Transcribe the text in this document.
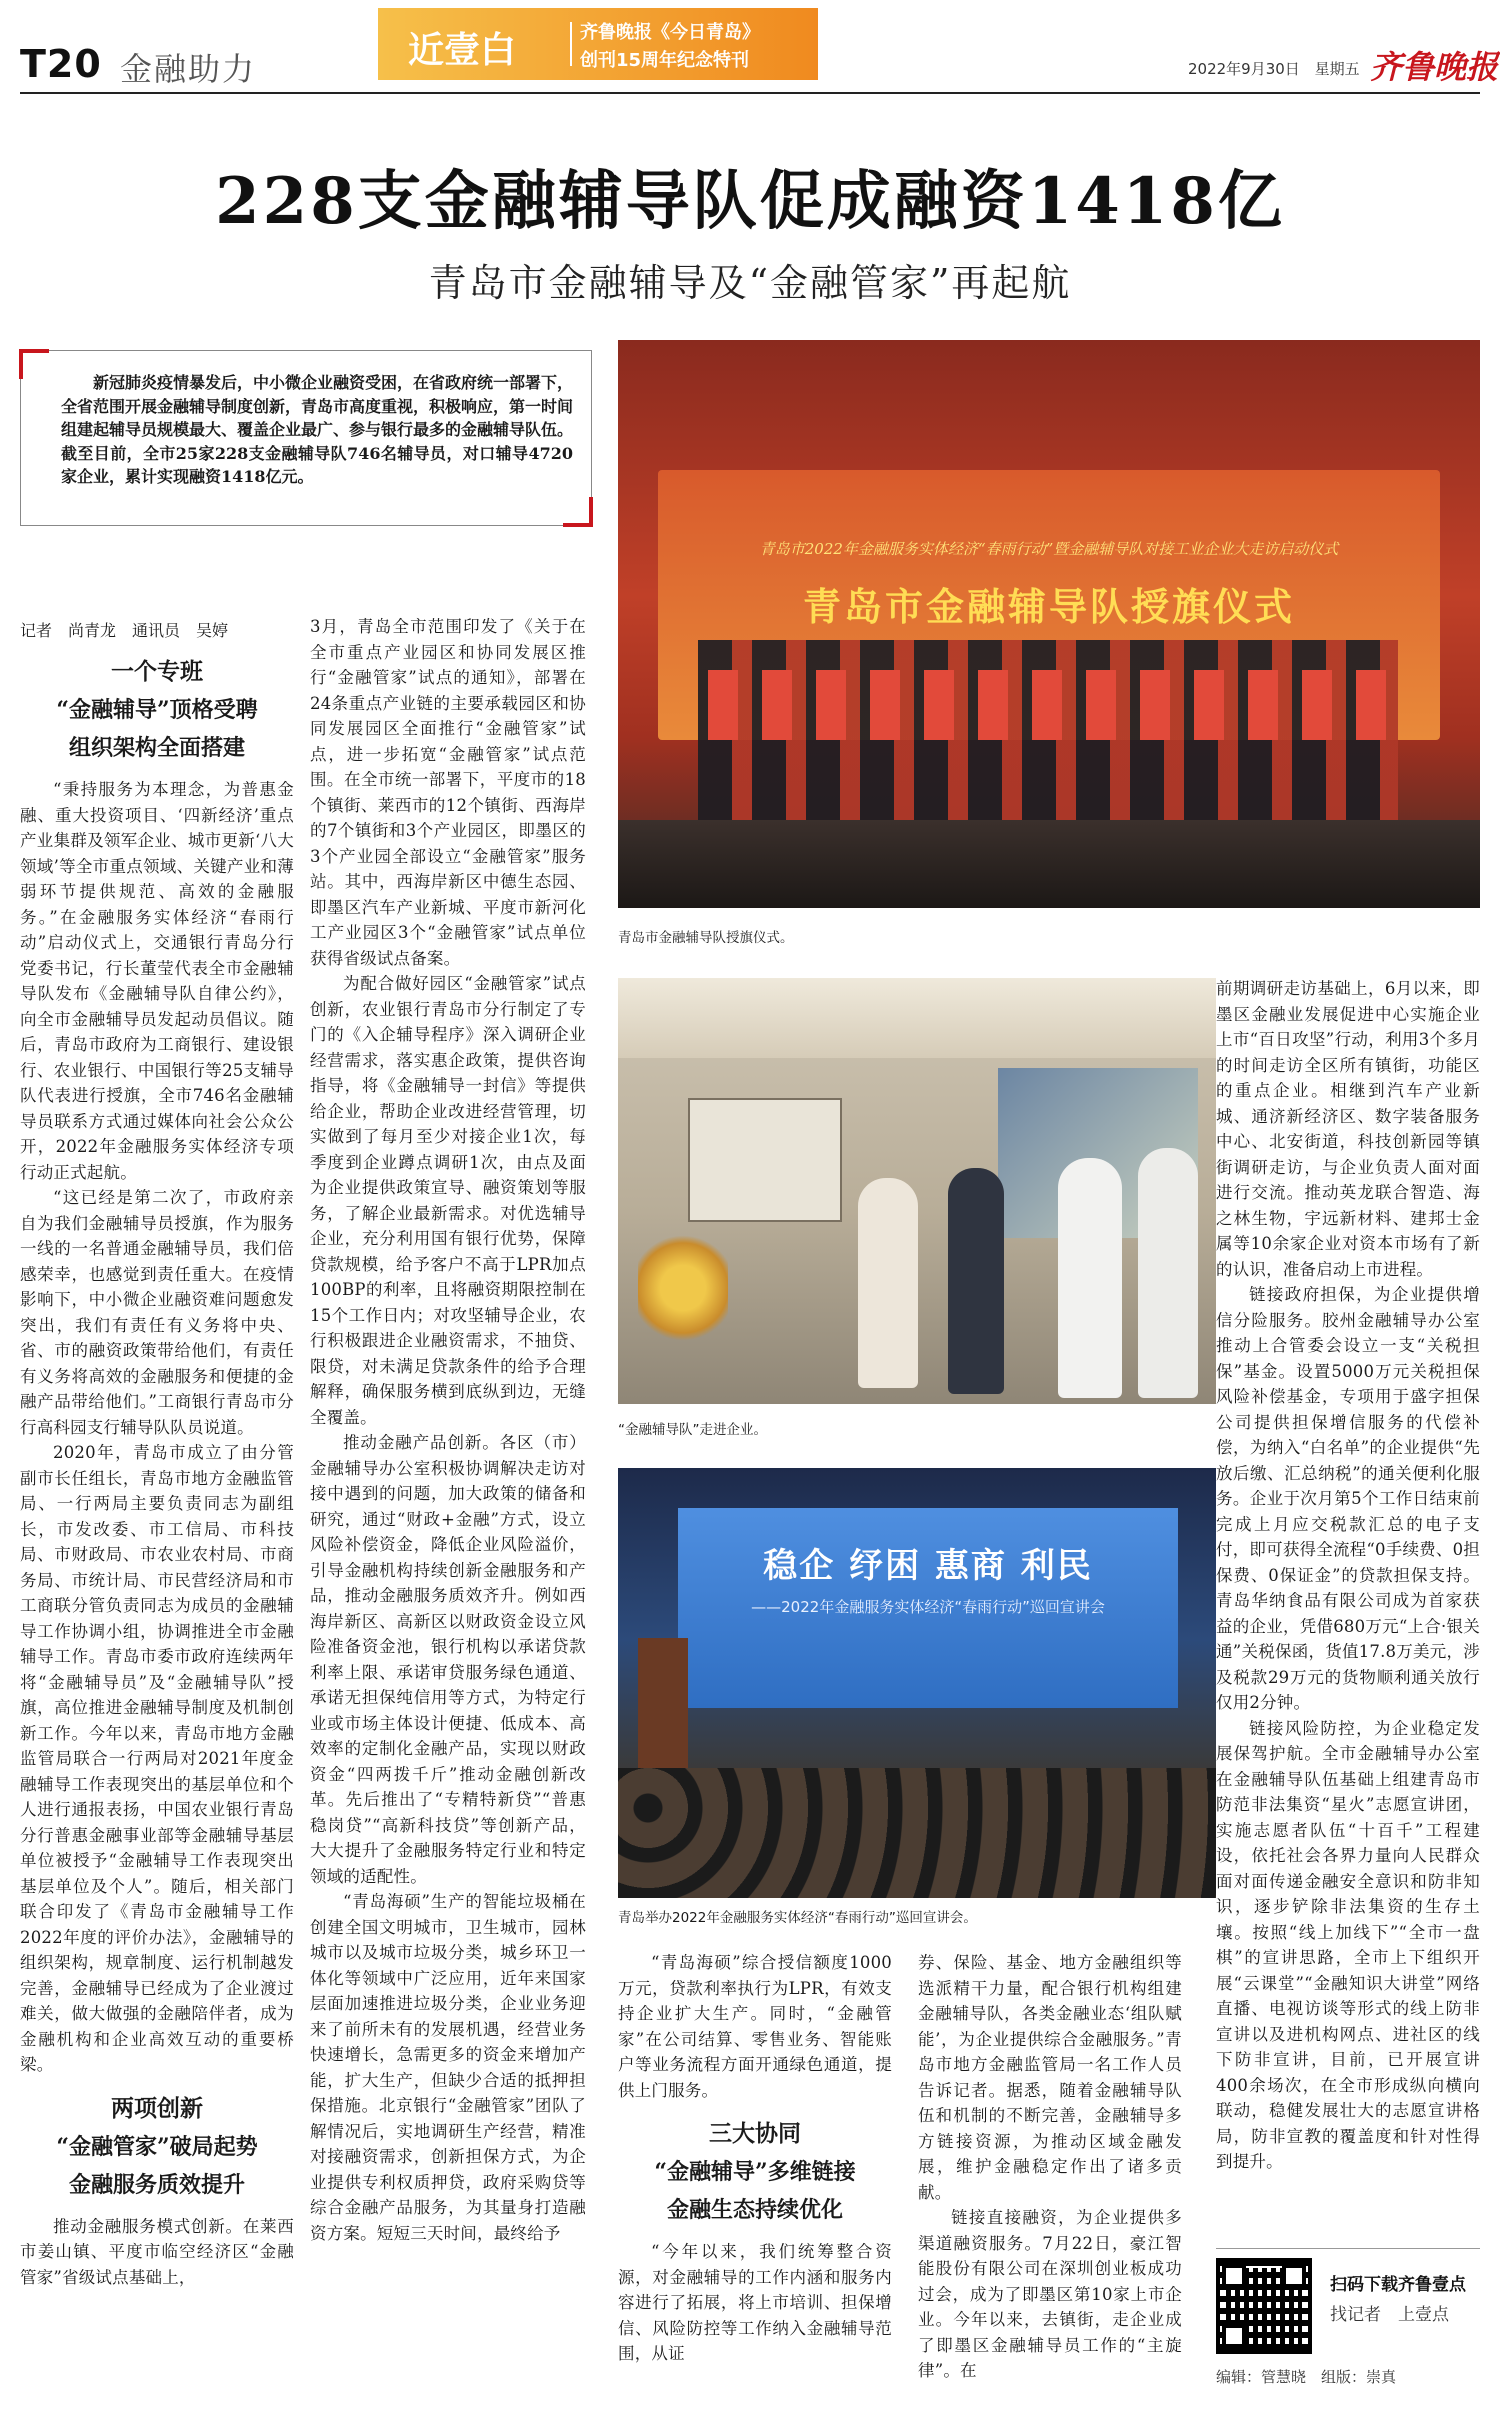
T20 金融助力	近壹白	齐鲁晚报《今日青岛》
创刊15周年纪念特刊	2022年9月30日 星期五 齐鲁晚报
228支金融辅导队促成融资1418亿
青岛市金融辅导及“金融管家”再起航
新冠肺炎疫情暴发后，中小微企业融资受困，在省政府统一部署下，全省范围开展金融辅导制度创新，青岛市高度重视，积极响应，第一时间组建起辅导员规模最大、覆盖企业最广、参与银行最多的金融辅导队伍。截至目前，全市25家228支金融辅导队746名辅导员，对口辅导4720家企业，累计实现融资1418亿元。
青岛市2022年金融服务实体经济“春雨行动”暨金融辅导队对接工业企业大走访启动仪式
青岛市金融辅导队授旗仪式
青岛市金融辅导队授旗仪式。
“金融辅导队”走进企业。
稳企 纾困 惠商 利民
——2022年金融服务实体经济“春雨行动”巡回宣讲会
青岛举办2022年金融服务实体经济“春雨行动”巡回宣讲会。
记者　尚青龙　通讯员　吴婷
一个专班
“金融辅导”顶格受聘
组织架构全面搭建

“秉持服务为本理念，为普惠金融、重大投资项目、‘四新经济’重点产业集群及领军企业、城市更新‘八大领域’等全市重点领域、关键产业和薄弱环节提供规范、高效的金融服务。”在金融服务实体经济“春雨行动”启动仪式上，交通银行青岛分行党委书记，行长董莹代表全市金融辅导队发布《金融辅导队自律公约》，向全市金融辅导员发起动员倡议。随后，青岛市政府为工商银行、建设银行、农业银行、中国银行等25支辅导队代表进行授旗，全市746名金融辅导员联系方式通过媒体向社会公众公开，2022年金融服务实体经济专项行动正式起航。

“这已经是第二次了，市政府亲自为我们金融辅导员授旗，作为服务一线的一名普通金融辅导员，我们倍感荣幸，也感觉到责任重大。在疫情影响下，中小微企业融资难问题愈发突出，我们有责任有义务将中央、省、市的融资政策带给他们，有责任有义务将高效的金融服务和便捷的金融产品带给他们。”工商银行青岛市分行高科园支行辅导队队员说道。

2020年，青岛市成立了由分管副市长任组长，青岛市地方金融监管局、一行两局主要负责同志为副组长，市发改委、市工信局、市科技局、市财政局、市农业农村局、市商务局、市统计局、市民营经济局和市工商联分管负责同志为成员的金融辅导工作协调小组，协调推进全市金融辅导工作。青岛市委市政府连续两年将“金融辅导员”及“金融辅导队”授旗，高位推进金融辅导制度及机制创新工作。今年以来，青岛市地方金融监管局联合一行两局对2021年度金融辅导工作表现突出的基层单位和个人进行通报表扬，中国农业银行青岛分行普惠金融事业部等金融辅导基层单位被授予“金融辅导工作表现突出基层单位及个人”。随后，相关部门联合印发了《青岛市金融辅导工作2022年度的评价办法》，金融辅导的组织架构，规章制度、运行机制越发完善，金融辅导已经成为了企业渡过难关，做大做强的金融陪伴者，成为金融机构和企业高效互动的重要桥梁。

两项创新
“金融管家”破局起势
金融服务质效提升

推动金融服务模式创新。在莱西市姜山镇、平度市临空经济区“金融管家”省级试点基础上，

3月，青岛全市范围印发了《关于在全市重点产业园区和协同发展区推行“金融管家”试点的通知》，部署在24条重点产业链的主要承载园区和协同发展园区全面推行“金融管家”试点，进一步拓宽“金融管家”试点范围。在全市统一部署下，平度市的18个镇街、莱西市的12个镇街、西海岸的7个镇街和3个产业园区，即墨区的3个产业园全部设立“金融管家”服务站。其中，西海岸新区中德生态园、即墨区汽车产业新城、平度市新河化工产业园区3个“金融管家”试点单位获得省级试点备案。

为配合做好园区“金融管家”试点创新，农业银行青岛市分行制定了专门的《入企辅导程序》深入调研企业经营需求，落实惠企政策，提供咨询指导，将《金融辅导一封信》等提供给企业，帮助企业改进经营管理，切实做到了每月至少对接企业1次，每季度到企业蹲点调研1次，由点及面为企业提供政策宣导、融资策划等服务，了解企业最新需求。对优选辅导企业，充分利用国有银行优势，保障贷款规模，给予客户不高于LPR加点100BP的利率，且将融资期限控制在15个工作日内；对攻坚辅导企业，农行积极跟进企业融资需求，不抽贷、限贷，对未满足贷款条件的给予合理解释，确保服务横到底纵到边，无缝全覆盖。

推动金融产品创新。各区（市）金融辅导办公室积极协调解决走访对接中遇到的问题，加大政策的储备和研究，通过“财政+金融”方式，设立风险补偿资金，降低企业风险溢价，引导金融机构持续创新金融服务和产品，推动金融服务质效齐升。例如西海岸新区、高新区以财政资金设立风险准备资金池，银行机构以承诺贷款利率上限、承诺审贷服务绿色通道、承诺无担保纯信用等方式，为特定行业或市场主体设计便捷、低成本、高效率的定制化金融产品，实现以财政资金“四两拨千斤”推动金融创新改革。先后推出了“专精特新贷”“普惠稳岗贷”“高新科技贷”等创新产品，大大提升了金融服务特定行业和特定领域的适配性。

“青岛海硕”生产的智能垃圾桶在创建全国文明城市，卫生城市，园林城市以及城市垃圾分类，城乡环卫一体化等领域中广泛应用，近年来国家层面加速推进垃圾分类，企业业务迎来了前所未有的发展机遇，经营业务快速增长，急需更多的资金来增加产能，扩大生产，但缺少合适的抵押担保措施。北京银行“金融管家”团队了解情况后，实地调研生产经营，精准对接融资需求，创新担保方式，为企业提供专利权质押贷，政府采购贷等综合金融产品服务，为其量身打造融资方案。短短三天时间，最终给予

“青岛海硕”综合授信额度1000万元，贷款利率执行为LPR，有效支持企业扩大生产。同时，“金融管家”在公司结算、零售业务、智能账户等业务流程方面开通绿色通道，提供上门服务。

三大协同
“金融辅导”多维链接
金融生态持续优化

“今年以来，我们统筹整合资源，对金融辅导的工作内涵和服务内容进行了拓展，将上市培训、担保增信、风险防控等工作纳入金融辅导范围，从证

券、保险、基金、地方金融组织等选派精干力量，配合银行机构组建金融辅导队，各类金融业态‘组队赋能’，为企业提供综合金融服务。”青岛市地方金融监管局一名工作人员告诉记者。据悉，随着金融辅导队伍和机制的不断完善，金融辅导多方链接资源，为推动区域金融发展，维护金融稳定作出了诸多贡献。

链接直接融资，为企业提供多渠道融资服务。7月22日，豪江智能股份有限公司在深圳创业板成功过会，成为了即墨区第10家上市企业。今年以来，去镇街，走企业成了即墨区金融辅导员工作的“主旋律”。在

前期调研走访基础上，6月以来，即墨区金融业发展促进中心实施企业上市“百日攻坚”行动，利用3个多月的时间走访全区所有镇街，功能区的重点企业。相继到汽车产业新城、通济新经济区、数字装备服务中心、北安街道，科技创新园等镇街调研走访，与企业负责人面对面进行交流。推动英龙联合智造、海之林生物，宇远新材料、建邦士金属等10余家企业对资本市场有了新的认识，准备启动上市进程。

链接政府担保，为企业提供增信分险服务。胶州金融辅导办公室推动上合管委会设立一支“关税担保”基金。设置5000万元关税担保风险补偿基金，专项用于盛字担保公司提供担保增信服务的代偿补偿，为纳入“白名单”的企业提供“先放后缴、汇总纳税”的通关便利化服务。企业于次月第5个工作日结束前完成上月应交税款汇总的电子支付，即可获得全流程“0手续费、0担保费、0保证金”的贷款担保支持。青岛华纳食品有限公司成为首家获益的企业，凭借680万元“上合·银关通”关税保函，货值17.8万美元，涉及税款29万元的货物顺利通关放行仅用2分钟。

链接风险防控，为企业稳定发展保驾护航。全市金融辅导办公室在金融辅导队伍基础上组建青岛市防范非法集资“星火”志愿宣讲团，实施志愿者队伍“十百千”工程建设，依托社会各界力量向人民群众面对面传递金融安全意识和防非知识，逐步铲除非法集资的生存土壤。按照“线上加线下”“全市一盘棋”的宣讲思路，全市上下组织开展“云课堂”“金融知识大讲堂”网络直播、电视访谈等形式的线上防非宣讲以及进机构网点、进社区的线下防非宣讲，目前，已开展宣讲400余场次，在全市形成纵向横向联动，稳健发展壮大的志愿宣讲格局，防非宣教的覆盖度和针对性得到提升。

扫码下载齐鲁壹点
找记者　上壹点
编辑：管慧晓　组版：崇真
